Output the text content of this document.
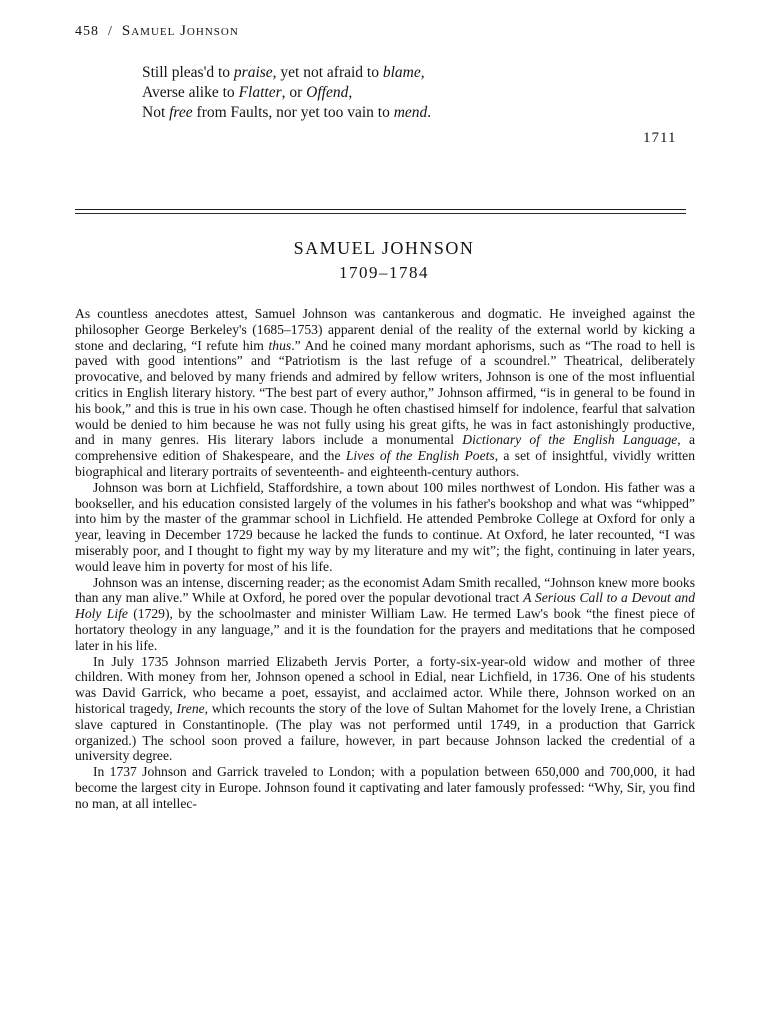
458 / Samuel Johnson
Still pleas'd to praise, yet not afraid to blame,
Averse alike to Flatter, or Offend,
Not free from Faults, nor yet too vain to mend.
1711
SAMUEL JOHNSON
1709–1784

As countless anecdotes attest, Samuel Johnson was cantankerous and dogmatic. He inveighed against the philosopher George Berkeley's (1685–1753) apparent denial of the reality of the external world by kicking a stone and declaring, “I refute him thus.” And he coined many mordant aphorisms, such as “The road to hell is paved with good intentions” and “Patriotism is the last refuge of a scoundrel.” Theatrical, deliberately provocative, and beloved by many friends and admired by fellow writers, Johnson is one of the most influential critics in English literary history. “The best part of every author,” Johnson affirmed, “is in general to be found in his book,” and this is true in his own case. Though he often chastised himself for indolence, fearful that salvation would be denied to him because he was not fully using his great gifts, he was in fact astonishingly productive, and in many genres. His literary labors include a monumental Dictionary of the English Language, a comprehensive edition of Shakespeare, and the Lives of the English Poets, a set of insightful, vividly written biographical and literary portraits of seventeenth- and eighteenth-century authors.

Johnson was born at Lichfield, Staffordshire, a town about 100 miles northwest of London. His father was a bookseller, and his education consisted largely of the volumes in his father's bookshop and what was “whipped” into him by the master of the grammar school in Lichfield. He attended Pembroke College at Oxford for only a year, leaving in December 1729 because he lacked the funds to continue. At Oxford, he later recounted, “I was miserably poor, and I thought to fight my way by my literature and my wit”; the fight, continuing in later years, would leave him in poverty for most of his life.

Johnson was an intense, discerning reader; as the economist Adam Smith recalled, “Johnson knew more books than any man alive.” While at Oxford, he pored over the popular devotional tract A Serious Call to a Devout and Holy Life (1729), by the schoolmaster and minister William Law. He termed Law's book “the finest piece of hortatory theology in any language,” and it is the foundation for the prayers and meditations that he composed later in his life.

In July 1735 Johnson married Elizabeth Jervis Porter, a forty-six-year-old widow and mother of three children. With money from her, Johnson opened a school in Edial, near Lichfield, in 1736. One of his students was David Garrick, who became a poet, essayist, and acclaimed actor. While there, Johnson worked on an historical tragedy, Irene, which recounts the story of the love of Sultan Mahomet for the lovely Irene, a Christian slave captured in Constantinople. (The play was not performed until 1749, in a production that Garrick organized.) The school soon proved a failure, however, in part because Johnson lacked the credential of a university degree.

In 1737 Johnson and Garrick traveled to London; with a population between 650,000 and 700,000, it had become the largest city in Europe. Johnson found it captivating and later famously professed: “Why, Sir, you find no man, at all intellec-
